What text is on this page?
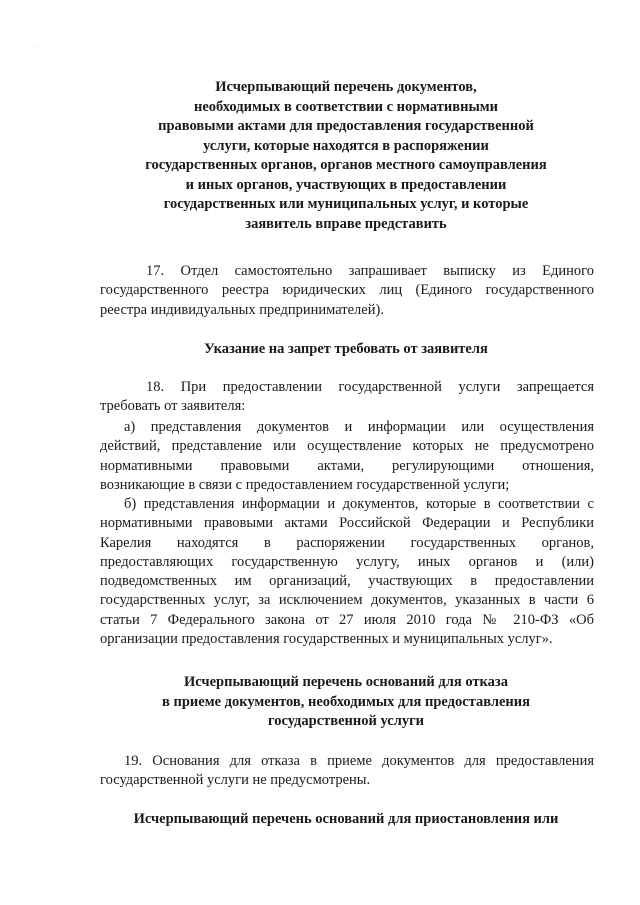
· ·
Исчерпывающий перечень документов,
необходимых в соответствии с нормативными
правовыми актами для предоставления государственной
услуги, которые находятся в распоряжении
государственных органов, органов местного самоуправления
и иных органов, участвующих в предоставлении
государственных или муниципальных услуг, и которые
заявитель вправе представить
17. Отдел самостоятельно запрашивает выписку из Единого
государственного реестра юридических лиц (Единого государственного
реестра индивидуальных предпринимателей).
Указание на запрет требовать от заявителя
18. При предоставлении государственной услуги запрещается
требовать от заявителя:
а) представления документов и информации или осуществления
действий, представление или осуществление которых не предусмотрено
нормативными правовыми актами, регулирующими отношения,
возникающие в связи с предоставлением государственной услуги;
б) представления информации и документов, которые в соответствии с
нормативными правовыми актами Российской Федерации и Республики
Карелия находятся в распоряжении государственных органов,
предоставляющих государственную услугу, иных органов и (или)
подведомственных им организаций, участвующих в предоставлении
государственных услуг, за исключением документов, указанных в части 6
статьи 7 Федерального закона от 27 июля 2010 года № 210-ФЗ «Об
организации предоставления государственных и муниципальных услуг».
Исчерпывающий перечень оснований для отказа
в приеме документов, необходимых для предоставления
государственной услуги
19. Основания для отказа в приеме документов для предоставления
государственной услуги не предусмотрены.
Исчерпывающий перечень оснований для приостановления или
